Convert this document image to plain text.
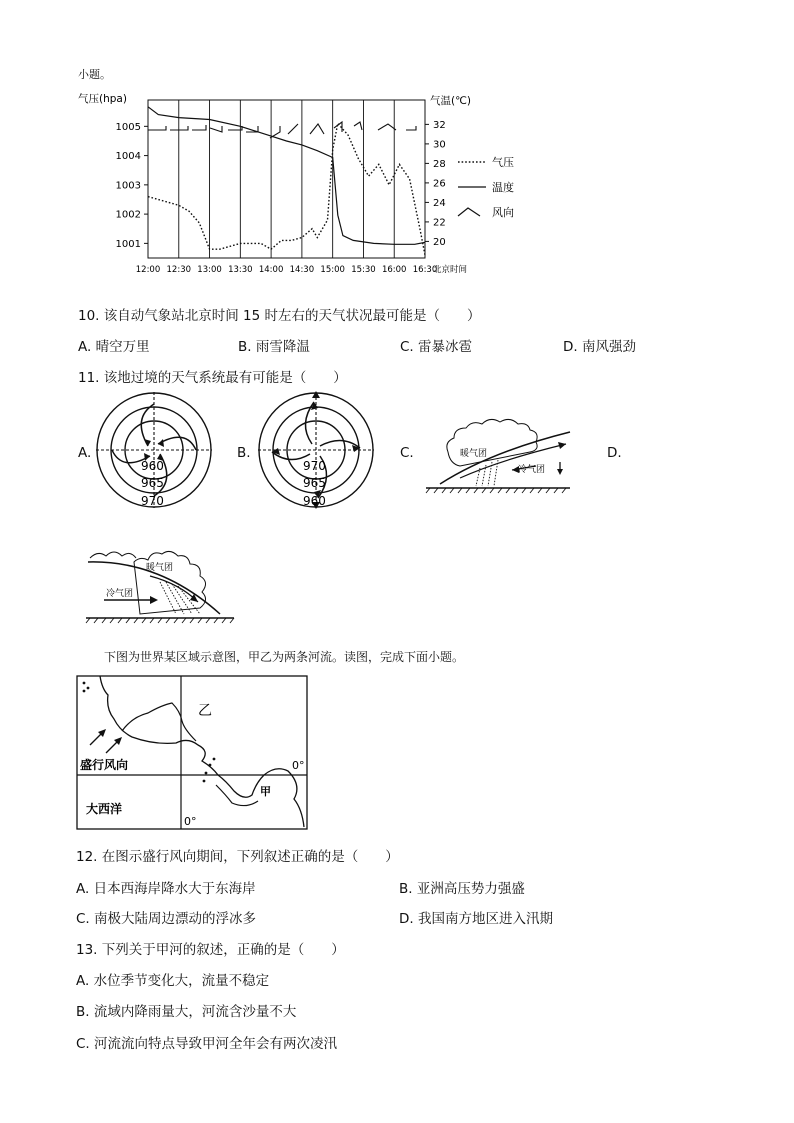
小题。
气压(hpa)	气温(℃)
12:00 12:30 13:00 13:30 14:00 14:30 15:00 15:30 16:00 16:30
北京时间
1005
1004
1003
1002
1001
32
30
28
26
24
22
20
气压
温度
风向
10. 该自动气象站北京时间 15 时左右的天气状况最可能是（　　）
A. 晴空万里	B. 雨雪降温	C. 雷暴冰雹	D. 南风强劲
11. 该地过境的天气系统最有可能是（　　）
A.
960
965
970
B.
970
965
960
C.	暖气团
冷气团
D.
暖气团
冷气团
下图为世界某区域示意图，甲乙为两条河流。读图，完成下面小题。
乙
甲
盛行风向
大西洋
0°
0°
12. 在图示盛行风向期间，下列叙述正确的是（　　）
A. 日本西海岸降水大于东海岸	B. 亚洲高压势力强盛
C. 南极大陆周边漂动的浮冰多	D. 我国南方地区进入汛期
13. 下列关于甲河的叙述，正确的是（　　）
A. 水位季节变化大，流量不稳定
B. 流域内降雨量大，河流含沙量不大
C. 河流流向特点导致甲河全年会有两次凌汛
